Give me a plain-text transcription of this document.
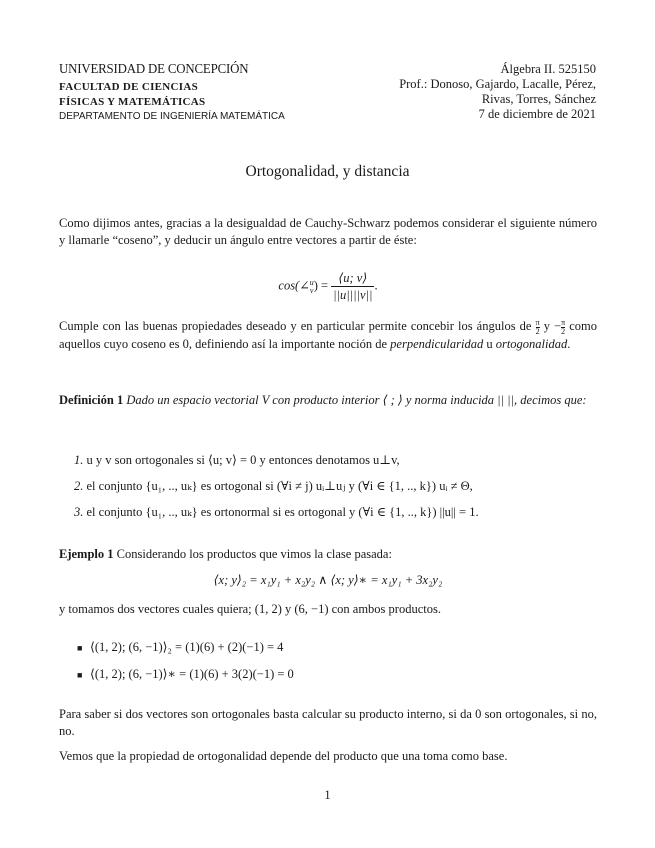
UNIVERSIDAD DE CONCEPCIÓN
FACULTAD DE CIENCIAS
FÍSICAS Y MATEMÁTICAS
DEPARTAMENTO DE INGENIERÍA MATEMÁTICA
Álgebra II. 525150
Prof.: Donoso, Gajardo, Lacalle, Pérez,
Rivas, Torres, Sánchez
7 de diciembre de 2021
Ortogonalidad, y distancia
Como dijimos antes, gracias a la desigualdad de Cauchy-Schwarz podemos considerar el siguiente número y llamarle “coseno”, y deducir un ángulo entre vectores a partir de éste:
cos(∠ u
v ) = $\frac{⟨u; v⟩}{||u||||v||}$ .
Cumple con las buenas propiedades deseado y en particular permite concebir los ángulos de $\frac{\pi}{2}$ $y - \frac{\pi}{2}$ como aquellos cuyo coseno es 0, definiendo así la importante noción de perpendicularidad u ortogonalidad.
Definición 1 Dado un espacio vectorial V con producto interior ⟨ ; ⟩ y norma inducida || ||, decimos que:
1. u y v son ortogonales si ⟨u; v⟩ = 0 y entonces denotamos u⊥v,
2. el conjunto {u₁, .., uₖ} es ortogonal si (∀i ≠ j) uᵢ⊥uⱼ y (∀i ∈ {1, .., k}) uᵢ ≠ Θ,
3. el conjunto {u₁, .., uₖ} es ortonormal si es ortogonal y (∀i ∈ {1, .., k}) ||u|| = 1.
Ejemplo 1 Considerando los productos que vimos la clase pasada:
⟨x; y⟩₂ = x₁y₁ + x₂y₂ ∧ ⟨x; y⟩∗ = x₁y₁ + 3x₂y₂
y tomamos dos vectores cuales quiera; (1, 2) y (6, −1) con ambos productos.
■ ⟨(1, 2); (6, −1)⟩₂ = (1)(6) + (2)(−1) = 4
■ ⟨(1, 2); (6, −1)⟩∗ = (1)(6) + 3(2)(−1) = 0
Para saber si dos vectores son ortogonales basta calcular su producto interno, si da 0 son ortogonales, si no, no.
Vemos que la propiedad de ortogonalidad depende del producto que una toma como base.
1
